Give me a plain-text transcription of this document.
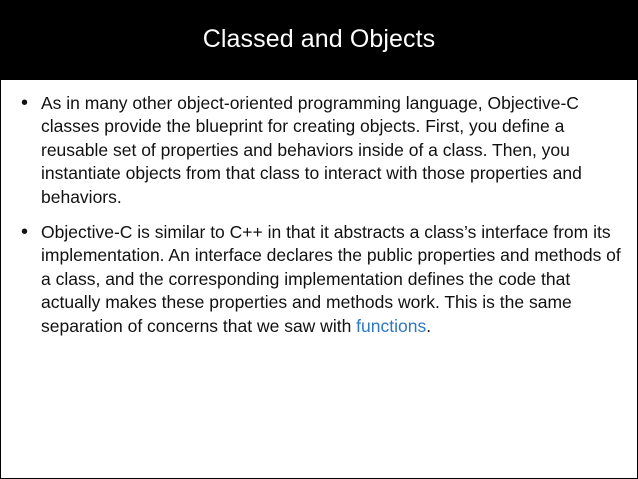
Classed and Objects
• As in many other object-oriented programming language, Objective-C classes provide the blueprint for creating objects. First, you define a reusable set of properties and behaviors inside of a class. Then, you instantiate objects from that class to interact with those properties and behaviors.
• Objective-C is similar to C++ in that it abstracts a class’s interface from its implementation. An interface declares the public properties and methods of a class, and the corresponding implementation defines the code that actually makes these properties and methods work. This is the same separation of concerns that we saw with functions.
